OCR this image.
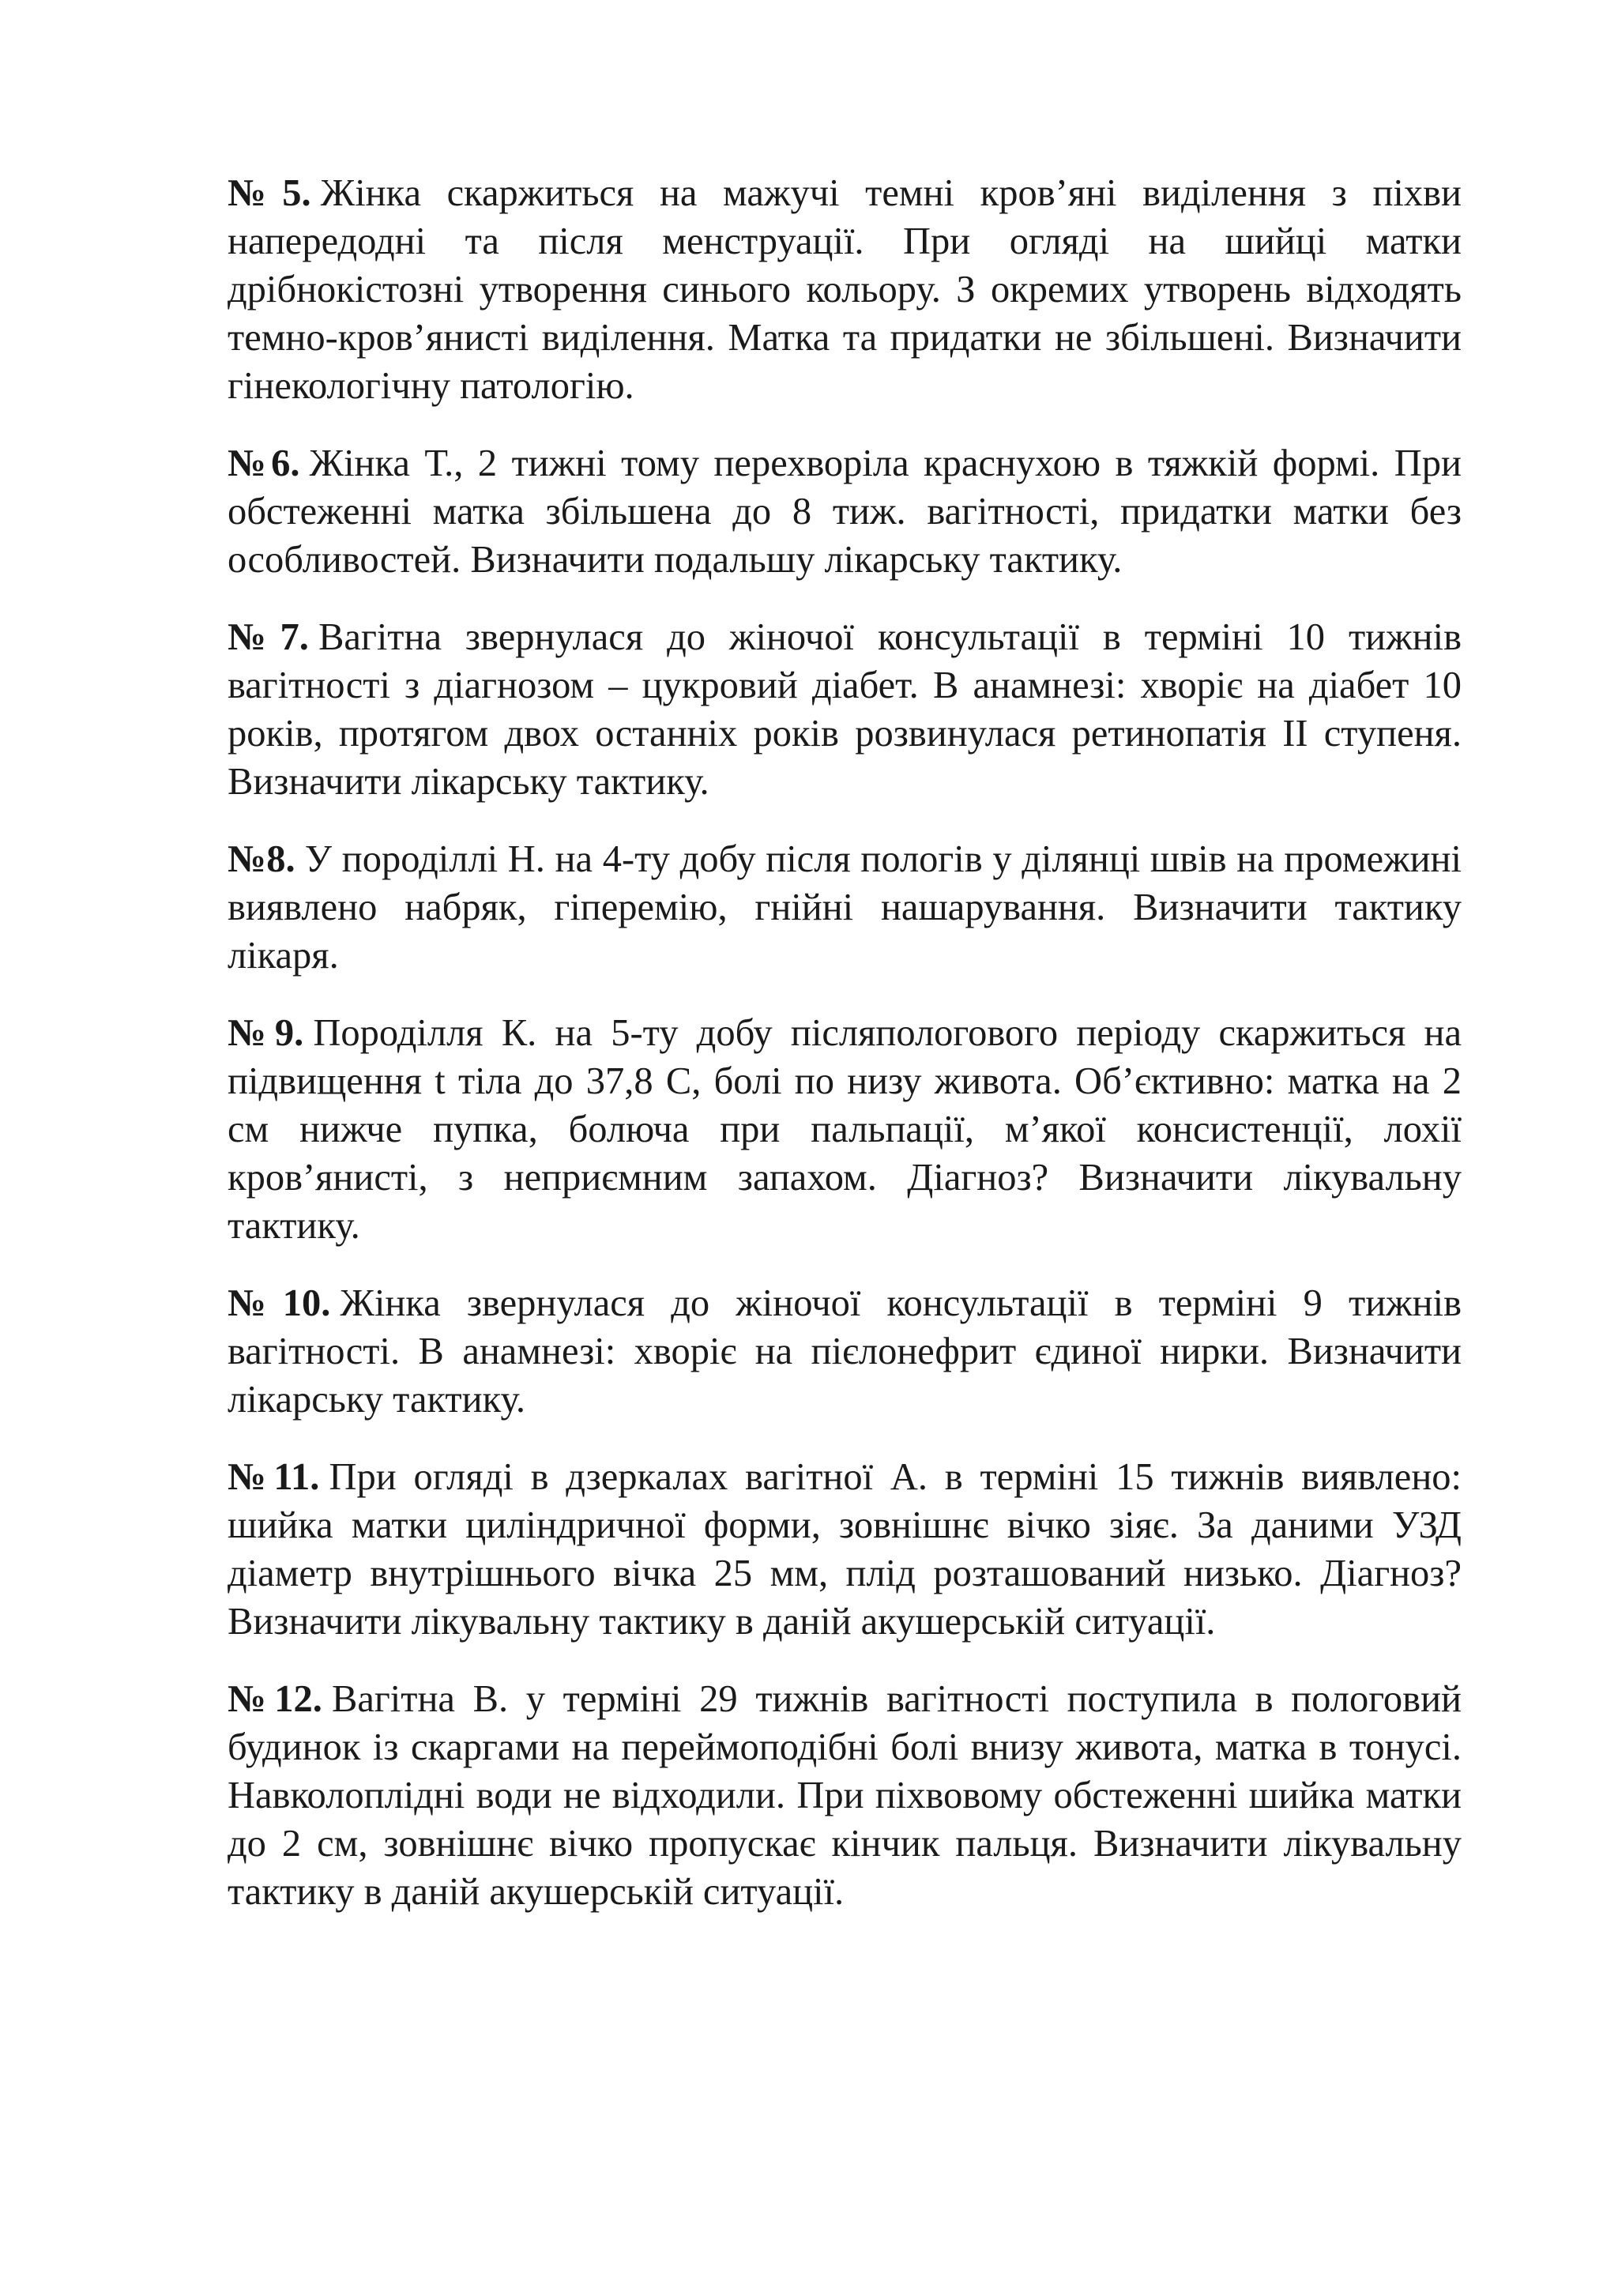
№5. Жінка скаржиться на мажучі темні кров’яні виділення з піхви напередодні та після менструації. При огляді на шийці матки дрібнокістозні утворення синього кольору. З окремих утворень відходять темно-кров’янисті виділення. Матка та придатки не збільшені. Визначити гінекологічну патологію.

№6. Жінка Т., 2 тижні тому перехворіла краснухою в тяжкій формі. При обстеженні матка збільшена до 8 тиж. вагітності, придатки матки без особливостей. Визначити подальшу лікарську тактику.

№7. Вагітна звернулася до жіночої консультації в терміні 10 тижнів вагітності з діагнозом – цукровий діабет. В анамнезі: хворіє на діабет 10 років, протягом двох останніх років розвинулася ретинопатія ІІ ступеня. Визначити лікарську тактику.

№8. У породіллі Н. на 4-ту добу після пологів у ділянці швів на промежині виявлено набряк, гіперемію, гнійні нашарування. Визначити тактику лікаря.

№9. Породілля К. на 5-ту добу післяпологового періоду скаржиться на підвищення t тіла до 37,8 С, болі по низу живота. Об’єктивно: матка на 2 см нижче пупка, болюча при пальпації, м’якої консистенції, лохії кров’янисті, з неприємним запахом. Діагноз? Визначити лікувальну тактику.

№10. Жінка звернулася до жіночої консультації в терміні 9 тижнів вагітності. В анамнезі: хворіє на пієлонефрит єдиної нирки. Визначити лікарську тактику.

№11. При огляді в дзеркалах вагітної А. в терміні 15 тижнів виявлено: шийка матки циліндричної форми, зовнішнє вічко зіяє. За даними УЗД діаметр внутрішнього вічка 25 мм, плід розташований низько. Діагноз? Визначити лікувальну тактику в даній акушерській ситуації.

№12. Вагітна В. у терміні 29 тижнів вагітності поступила в пологовий будинок із скаргами на переймоподібні болі внизу живота, матка в тонусі. Навколоплідні води не відходили. При піхвовому обстеженні шийка матки до 2 см, зовнішнє вічко пропускає кінчик пальця. Визначити лікувальну тактику в даній акушерській ситуації.
